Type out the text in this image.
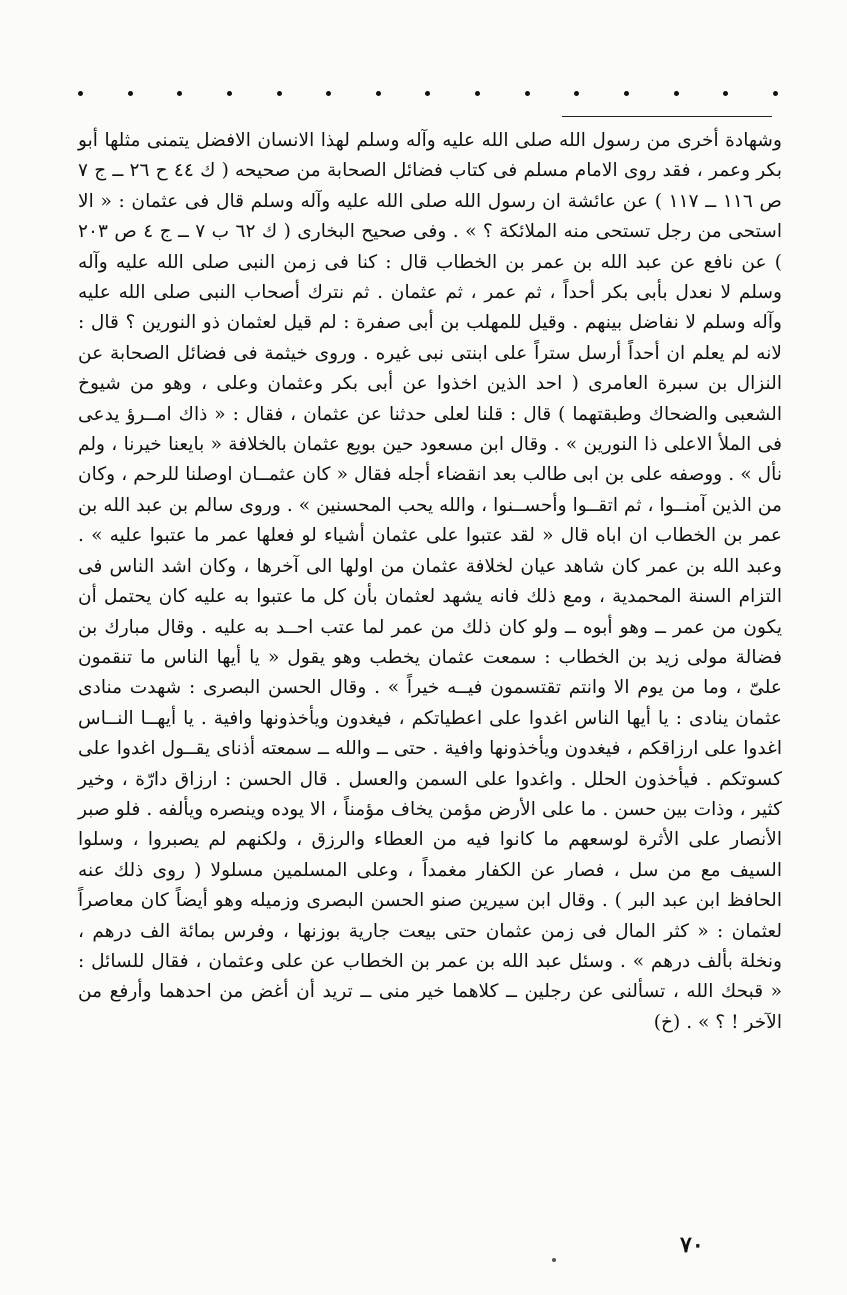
وشهادة أخرى من رسول الله صلى الله عليه وآله وسلم لهذا الانسان الافضل يتمنى مثلها أبو بكر وعمر ، فقد روى الامام مسلم فى كتاب فضائل الصحابة من صحيحه ( ك ٤٤ ح ٢٦ ــ ج ٧ ص ١١٦ ــ ١١٧ ) عن عائشة ان رسول الله صلى الله عليه وآله وسلم قال فى عثمان : « الا استحى من رجل تستحى منه الملائكة ؟ » . وفى صحيح البخارى ( ك ٦٢ ب ٧ ــ ج ٤ ص ٢٠٣ ) عن نافع عن عبد الله بن عمر بن الخطاب قال : كنا فى زمن النبى صلى الله عليه وآله وسلم لا نعدل بأبى بكر أحداً ، ثم عمر ، ثم عثمان . ثم نترك أصحاب النبى صلى الله عليه وآله وسلم لا نفاضل بينهم . وقيل للمهلب بن أبى صفرة : لم قيل لعثمان ذو النورين ؟ قال : لانه لم يعلم ان أحداً أرسل ستراً على ابنتى نبى غيره . وروى خيثمة فى فضائل الصحابة عن النزال بن سبرة العامرى ( احد الذين اخذوا عن أبى بكر وعثمان وعلى ، وهو من شيوخ الشعبى والضحاك وطبقتهما ) قال : قلنا لعلى حدثنا عن عثمان ، فقال : « ذاك امــرؤ يدعى فى الملأ الاعلى ذا النورين » . وقال ابن مسعود حين بويع عثمان بالخلافة « بايعنا خيرنا ، ولم نأل » . ووصفه على بن ابى طالب بعد انقضاء أجله فقال « كان عثمــان اوصلنا للرحم ، وكان من الذين آمنــوا ، ثم اتقــوا وأحســنوا ، والله يحب المحسنين » . وروى سالم بن عبد الله بن عمر بن الخطاب ان اباه قال « لقد عتبوا على عثمان أشياء لو فعلها عمر ما عتبوا عليه » . وعبد الله بن عمر كان شاهد عيان لخلافة عثمان من اولها الى آخرها ، وكان اشد الناس فى التزام السنة المحمدية ، ومع ذلك فانه يشهد لعثمان بأن كل ما عتبوا به عليه كان يحتمل أن يكون من عمر ــ وهو أبوه ــ ولو كان ذلك من عمر لما عتب احــد به عليه . وقال مبارك بن فضالة مولى زيد بن الخطاب : سمعت عثمان يخطب وهو يقول « يا أيها الناس ما تنقمون علىّ ، وما من يوم الا وانتم تقتسمون فيــه خيراً » . وقال الحسن البصرى : شهدت منادى عثمان ينادى : يا أيها الناس اغدوا على اعطياتكم ، فيغدون ويأخذونها وافية . يا أيهــا النــاس اغدوا على ارزاقكم ، فيغدون ويأخذونها وافية . حتى ــ والله ــ سمعته أذناى يقــول اغدوا على كسوتكم . فيأخذون الحلل . واغدوا على السمن والعسل . قال الحسن : ارزاق دارّة ، وخير كثير ، وذات بين حسن . ما على الأرض مؤمن يخاف مؤمناً ، الا يوده وينصره ويألفه . فلو صبر الأنصار على الأثرة لوسعهم ما كانوا فيه من العطاء والرزق ، ولكنهم لم يصبروا ، وسلوا السيف مع من سل ، فصار عن الكفار مغمداً ، وعلى المسلمين مسلولا ( روى ذلك عنه الحافظ ابن عبد البر ) . وقال ابن سيرين صنو الحسن البصرى وزميله وهو أيضاً كان معاصراً لعثمان : « كثر المال فى زمن عثمان حتى بيعت جارية بوزنها ، وفرس بمائة الف درهم ، ونخلة بألف درهم » . وسئل عبد الله بن عمر بن الخطاب عن على وعثمان ، فقال للسائل : « قبحك الله ، تسألنى عن رجلين ــ كلاهما خير منى ــ تريد أن أغض من احدهما وأرفع من الآخر ! ؟ » . (خ)

٧٠
